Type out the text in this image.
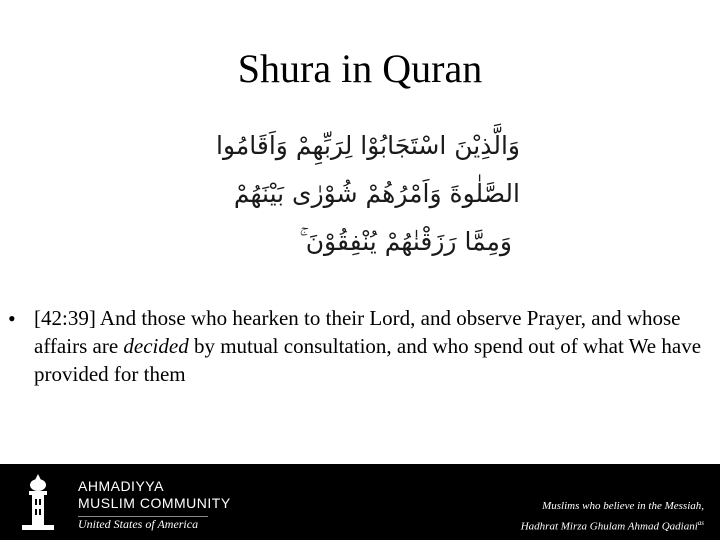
Shura in Quran
وَالَّذِيْنَ اسْتَجَابُوْا لِرَبِّهِمْ وَاَقَامُوا
الصَّلٰوةَ وَاَمْرُهُمْ شُوْرٰى بَيْنَهُمْ
وَمِمَّا رَزَقْنٰهُمْ يُنْفِقُوْنَ ۚ
• [42:39] And those who hearken to their Lord, and observe Prayer, and whose affairs are decided by mutual consultation, and who spend out of what We have provided for them
AHMADIYYA
MUSLIM COMMUNITY
United States of America
Muslims who believe in the Messiah,
Hadhrat Mirza Ghulam Ahmad Qadiani$^{as}$
